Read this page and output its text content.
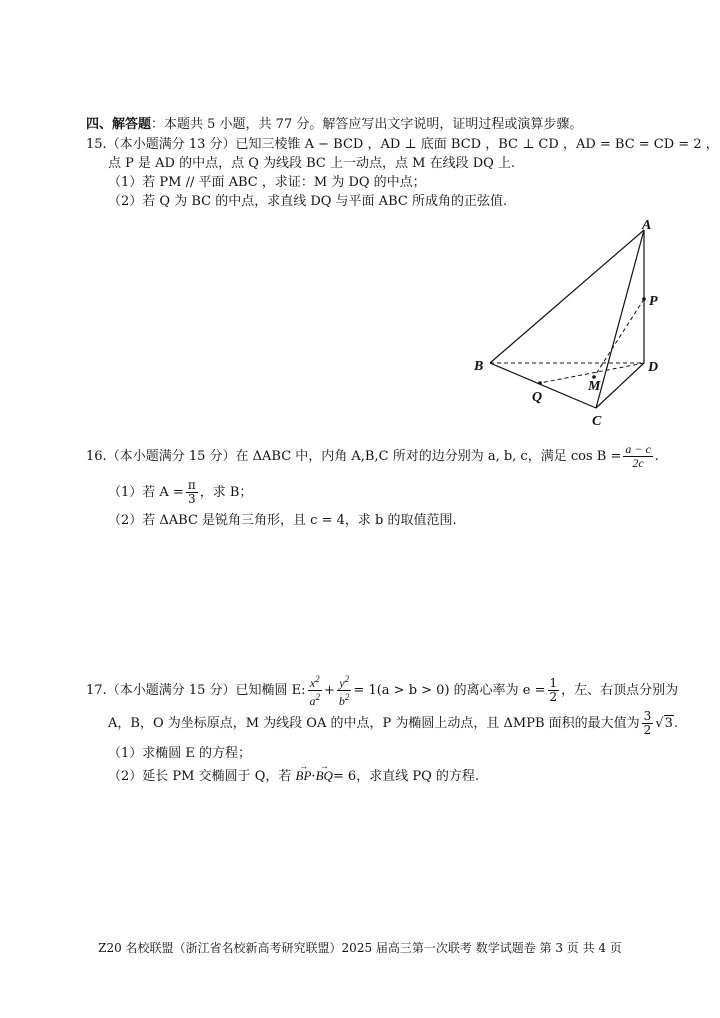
四、解答题：本题共 5 小题，共 77 分。解答应写出文字说明，证明过程或演算步骤。
15.（本小题满分 13 分）已知三棱锥 A − BCD ，AD ⊥ 底面 BCD ，BC ⊥ CD ，AD = BC = CD = 2 ，
点 P 是 AD 的中点，点 Q 为线段 BC 上一动点，点 M 在线段 DQ 上.
（1）若 PM // 平面 ABC ，求证：M 为 DQ 的中点；
（2）若 Q 为 BC 的中点，求直线 DQ 与平面 ABC 所成角的正弦值.
A
P
B	D
M
Q
C
16.（本小题满分 15 分）在 ΔABC 中，内角 A,B,C 所对的边分别为 a, b, c，满足 $\cos B = \frac{a - c}{2c}$ .
（1）若 $A = \frac{\pi}{3}$ ，求 B；
（2）若 ΔABC 是锐角三角形，且 c = 4，求 b 的取值范围.
17.（本小题满分 15 分）已知椭圆 E: $\frac{x^2}{a^2} + \frac{y^2}{b^2} = 1(a > b > 0)$ 的离心率为 $e = \frac{1}{2}$ ，左、右顶点分别为
A，B，O 为坐标原点，M 为线段 OA 的中点，P 为椭圆上动点，且 ΔMPB 面积的最大值为 $\frac{3}{2} √3$.
（1）求椭圆 E 的方程；
（2）延长 PM 交椭圆于 Q，若 → BP·→ BQ= 6，求直线 PQ 的方程.
Z20 名校联盟（浙江省名校新高考研究联盟）2025 届高三第一次联考 数学试题卷 第 3 页 共 4 页
